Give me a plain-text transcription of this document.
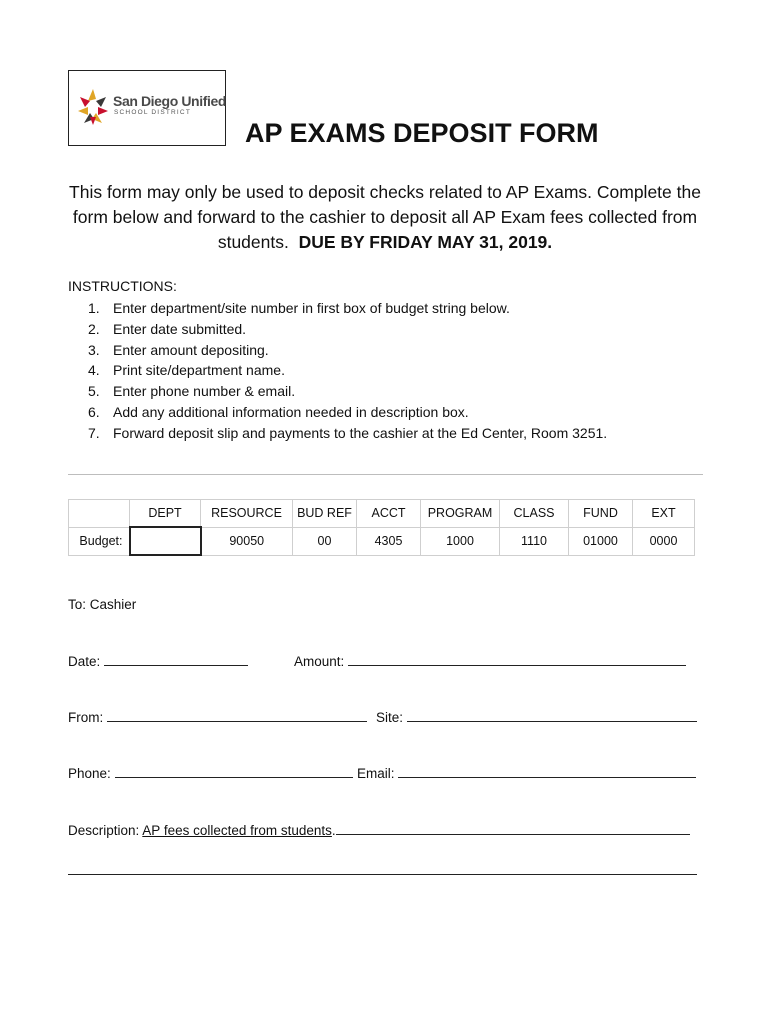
San Diego Unified
SCHOOL DISTRICT
AP EXAMS DEPOSIT FORM
This form may only be used to deposit checks related to AP Exams. Complete the form below and forward to the cashier to deposit all AP Exam fees collected from students. DUE BY FRIDAY MAY 31, 2019.
INSTRUCTIONS:
1. Enter department/site number in first box of budget string below.
2. Enter date submitted.
3. Enter amount depositing.
4. Print site/department name.
5. Enter phone number & email.
6. Add any additional information needed in description box.
7. Forward deposit slip and payments to the cashier at the Ed Center, Room 3251.
	DEPT	RESOURCE	BUD REF	ACCT	PROGRAM	CLASS	FUND	EXT
Budget:		90050	00	4305	1000	1110	01000	0000
To: Cashier
Date:	Amount:
From:	Site:
Phone:	Email:
Description: AP fees collected from students.
